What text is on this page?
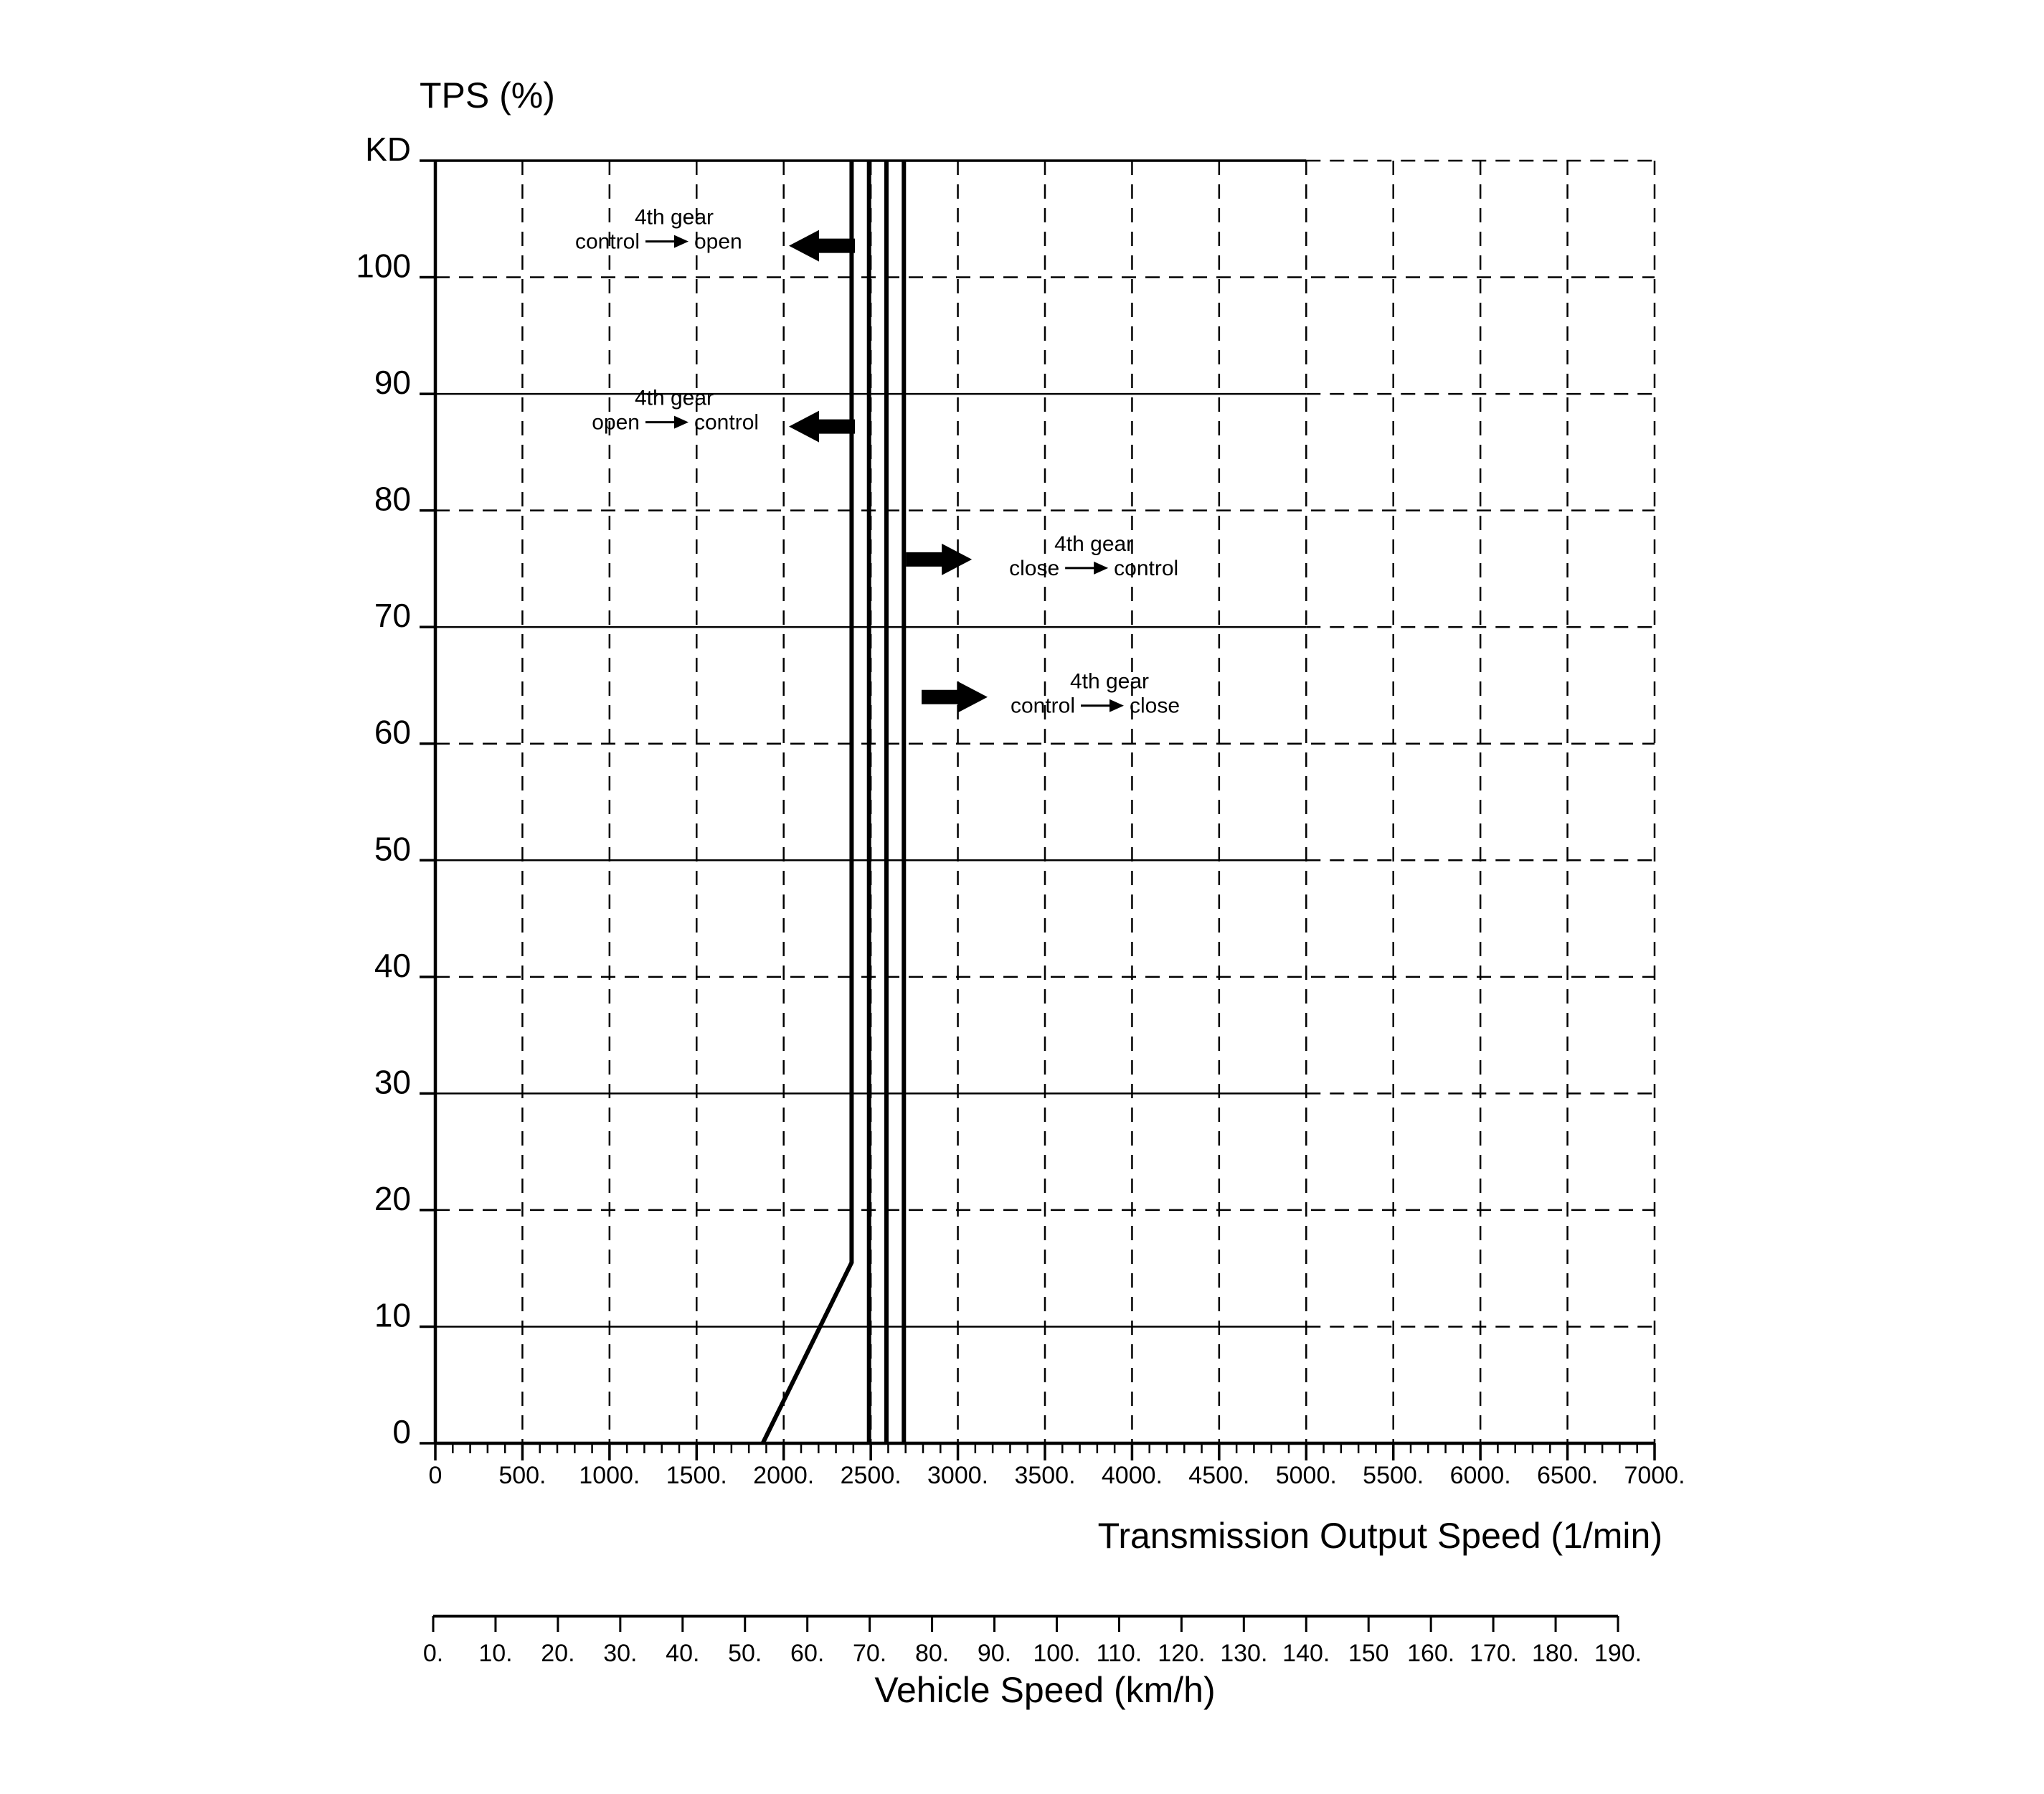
0
10
20
30
40
50
60
70
80
90
100
KD
0 500. 1000. 1500. 2000. 2500. 3000. 3500. 4000. 4500. 5000. 5500. 6000. 6500. 7000.
0. 10. 20. 30. 40. 50. 60. 70. 80. 90. 100. 110. 120. 130. 140. 150 160. 170. 180. 190.
4th gear
control	open
4th gear
open	control
4th gear
close	control
4th gear
control	close
TPS (%)
Transmission Output Speed (1/min)
Vehicle Speed (km/h)
